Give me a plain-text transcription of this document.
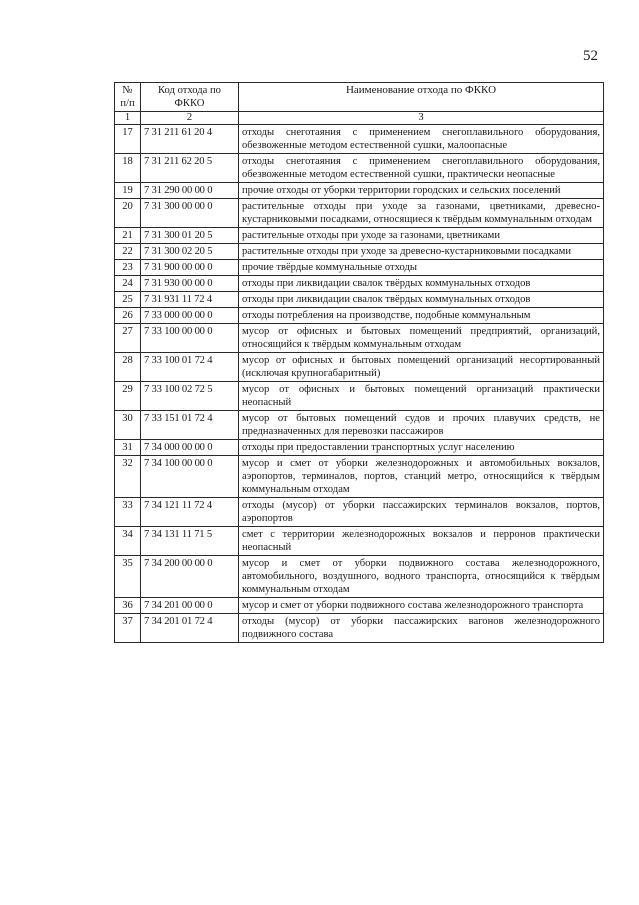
52
№ п/п	Код отхода по ФККО	Наименование отхода по ФККО
1	2	3
17	7 31 211 61 20 4	отходы снеготаяния с применением снегоплавильного оборудования, обезвоженные методом естественной сушки, малоопасные
18	7 31 211 62 20 5	отходы снеготаяния с применением снегоплавильного оборудования, обезвоженные методом естественной сушки, практически неопасные
19	7 31 290 00 00 0	прочие отходы от уборки территории городских и сельских поселений
20	7 31 300 00 00 0	растительные отходы при уходе за газонами, цветниками, древесно-кустарниковыми посадками, относящиеся к твёрдым коммунальным отходам
21	7 31 300 01 20 5	растительные отходы при уходе за газонами, цветниками
22	7 31 300 02 20 5	растительные отходы при уходе за древесно-кустарниковыми посадками
23	7 31 900 00 00 0	прочие твёрдые коммунальные отходы
24	7 31 930 00 00 0	отходы при ликвидации свалок твёрдых коммунальных отходов
25	7 31 931 11 72 4	отходы при ликвидации свалок твёрдых коммунальных отходов
26	7 33 000 00 00 0	отходы потребления на производстве, подобные коммунальным
27	7 33 100 00 00 0	мусор от офисных и бытовых помещений предприятий, организаций, относящийся к твёрдым коммунальным отходам
28	7 33 100 01 72 4	мусор от офисных и бытовых помещений организаций несортированный (исключая крупногабаритный)
29	7 33 100 02 72 5	мусор от офисных и бытовых помещений организаций практически неопасный
30	7 33 151 01 72 4	мусор от бытовых помещений судов и прочих плавучих средств, не предназначенных для перевозки пассажиров
31	7 34 000 00 00 0	отходы при предоставлении транспортных услуг населению
32	7 34 100 00 00 0	мусор и смет от уборки железнодорожных и автомобильных вокзалов, аэропортов, терминалов, портов, станций метро, относящийся к твёрдым коммунальным отходам
33	7 34 121 11 72 4	отходы (мусор) от уборки пассажирских терминалов вокзалов, портов, аэропортов
34	7 34 131 11 71 5	смет с территории железнодорожных вокзалов и перронов практически неопасный
35	7 34 200 00 00 0	мусор и смет от уборки подвижного состава железнодорожного, автомобильного, воздушного, водного транспорта, относящийся к твёрдым коммунальным отходам
36	7 34 201 00 00 0	мусор и смет от уборки подвижного состава железнодорожного транспорта
37	7 34 201 01 72 4	отходы (мусор) от уборки пассажирских вагонов железнодорожного подвижного состава
